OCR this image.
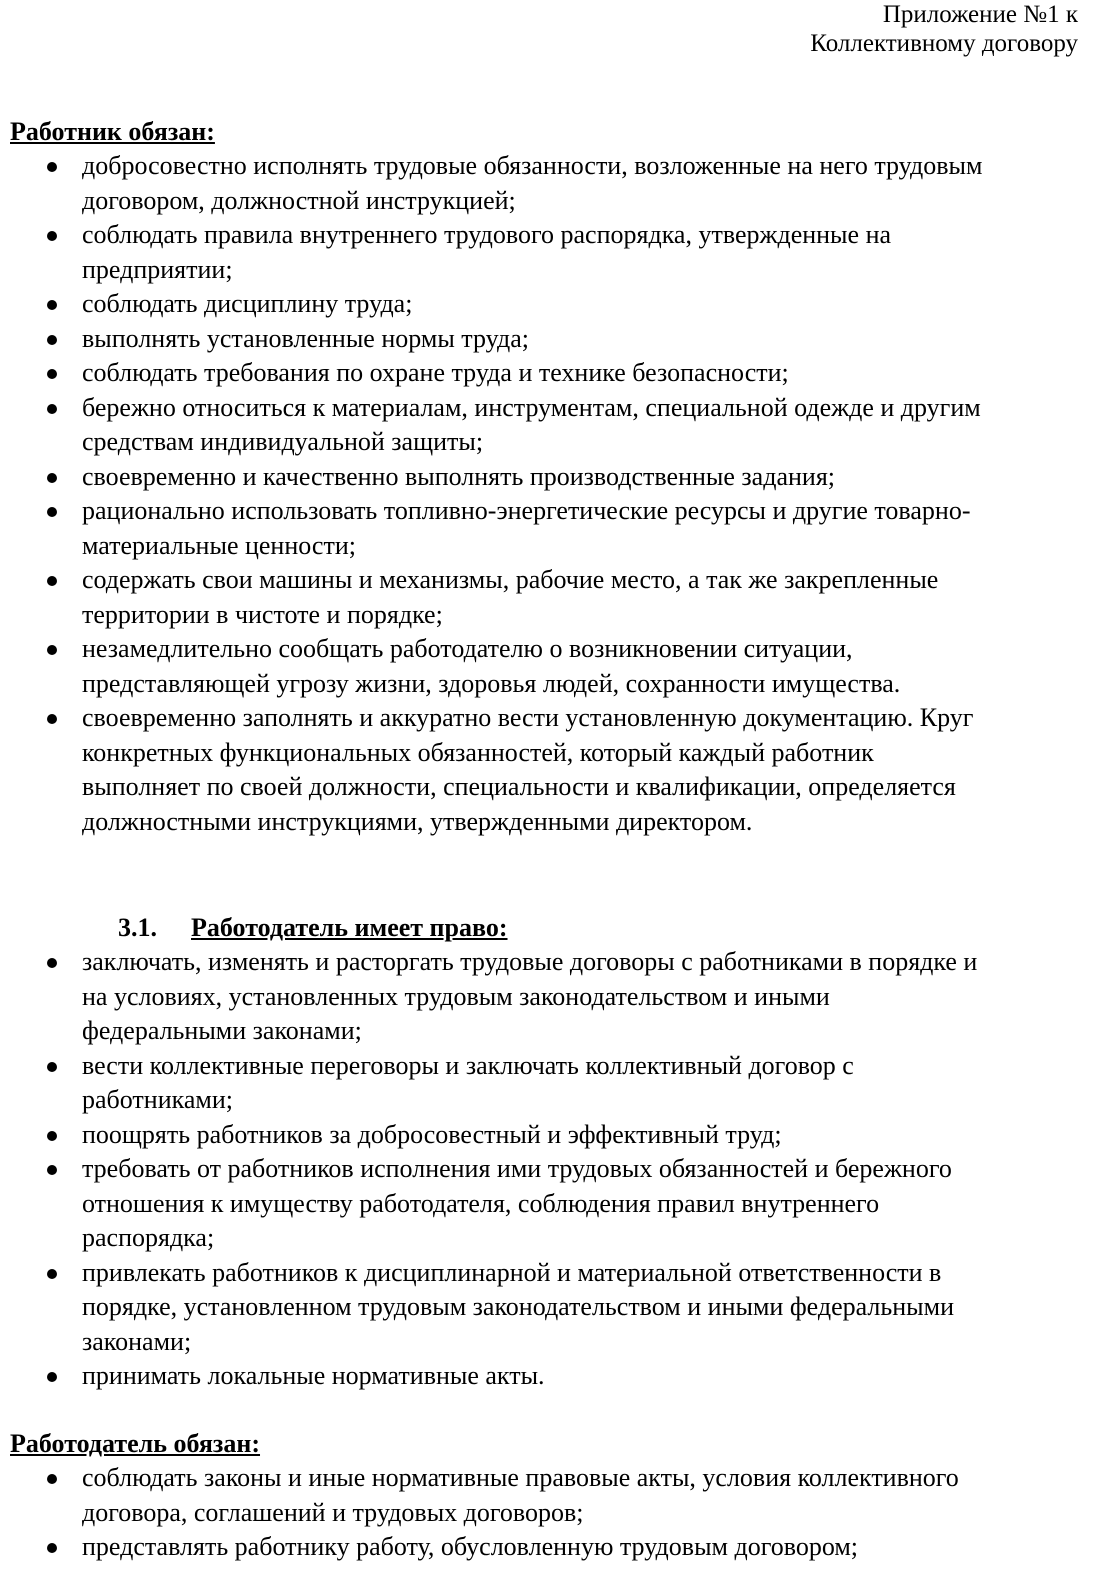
Приложение №1 к
Коллективному договору
Работник обязан:
добросовестно исполнять трудовые обязанности, возложенные на него трудовым
договором, должностной инструкцией;
соблюдать правила внутреннего трудового распорядка, утвержденные на
предприятии;
соблюдать дисциплину труда;
выполнять установленные нормы труда;
соблюдать требования по охране труда и технике безопасности;
бережно относиться к материалам, инструментам, специальной одежде и другим
средствам индивидуальной защиты;
своевременно и качественно выполнять производственные задания;
рационально использовать топливно-энергетические ресурсы и другие товарно-
материальные ценности;
содержать свои машины и механизмы, рабочие место, а так же закрепленные
территории в чистоте и порядке;
незамедлительно сообщать работодателю о возникновении ситуации,
представляющей угрозу жизни, здоровья людей, сохранности имущества.
своевременно заполнять и аккуратно вести установленную документацию. Круг
конкретных функциональных обязанностей, который каждый работник
выполняет по своей должности, специальности и квалификации, определяется
должностными инструкциями, утвержденными директором.
3.1. Работодатель имеет право:
заключать, изменять и расторгать трудовые договоры с работниками в порядке и
на условиях, установленных трудовым законодательством и иными
федеральными законами;
вести коллективные переговоры и заключать коллективный договор с
работниками;
поощрять работников за добросовестный и эффективный труд;
требовать от работников исполнения ими трудовых обязанностей и бережного
отношения к имуществу работодателя, соблюдения правил внутреннего
распорядка;
привлекать работников к дисциплинарной и материальной ответственности в
порядке, установленном трудовым законодательством и иными федеральными
законами;
принимать локальные нормативные акты.
Работодатель обязан:
соблюдать законы и иные нормативные правовые акты, условия коллективного
договора, соглашений и трудовых договоров;
представлять работнику работу, обусловленную трудовым договором;
